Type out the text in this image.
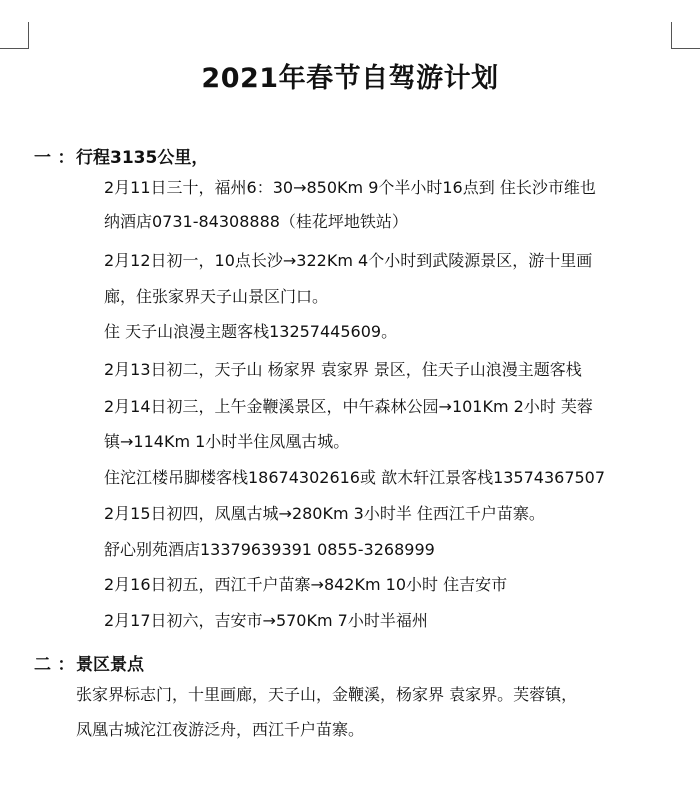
2021年春节自驾游计划
一 ：行程3135公里，
2月11日三十，福州6：30→850Km 9个半小时16点到 住长沙市维也
纳酒店0731-84308888（桂花坪地铁站）
2月12日初一，10点长沙→322Km 4个小时到武陵源景区，游十里画
廊，住张家界天子山景区门口。
住 天子山浪漫主题客栈13257445609。
2月13日初二，天子山 杨家界 袁家界 景区，住天子山浪漫主题客栈
2月14日初三，上午金鞭溪景区，中午森林公园→101Km 2小时 芙蓉
镇→114Km 1小时半住凤凰古城。
住沱江楼吊脚楼客栈18674302616或 歆木轩江景客栈13574367507
2月15日初四，凤凰古城→280Km 3小时半 住西江千户苗寨。
舒心别苑酒店13379639391 0855-3268999
2月16日初五，西江千户苗寨→842Km 10小时 住吉安市
2月17日初六，吉安市→570Km 7小时半福州
二 ：景区景点
张家界标志门，十里画廊，天子山，金鞭溪，杨家界 袁家界。芙蓉镇，
凤凰古城沱江夜游泛舟，西江千户苗寨。
